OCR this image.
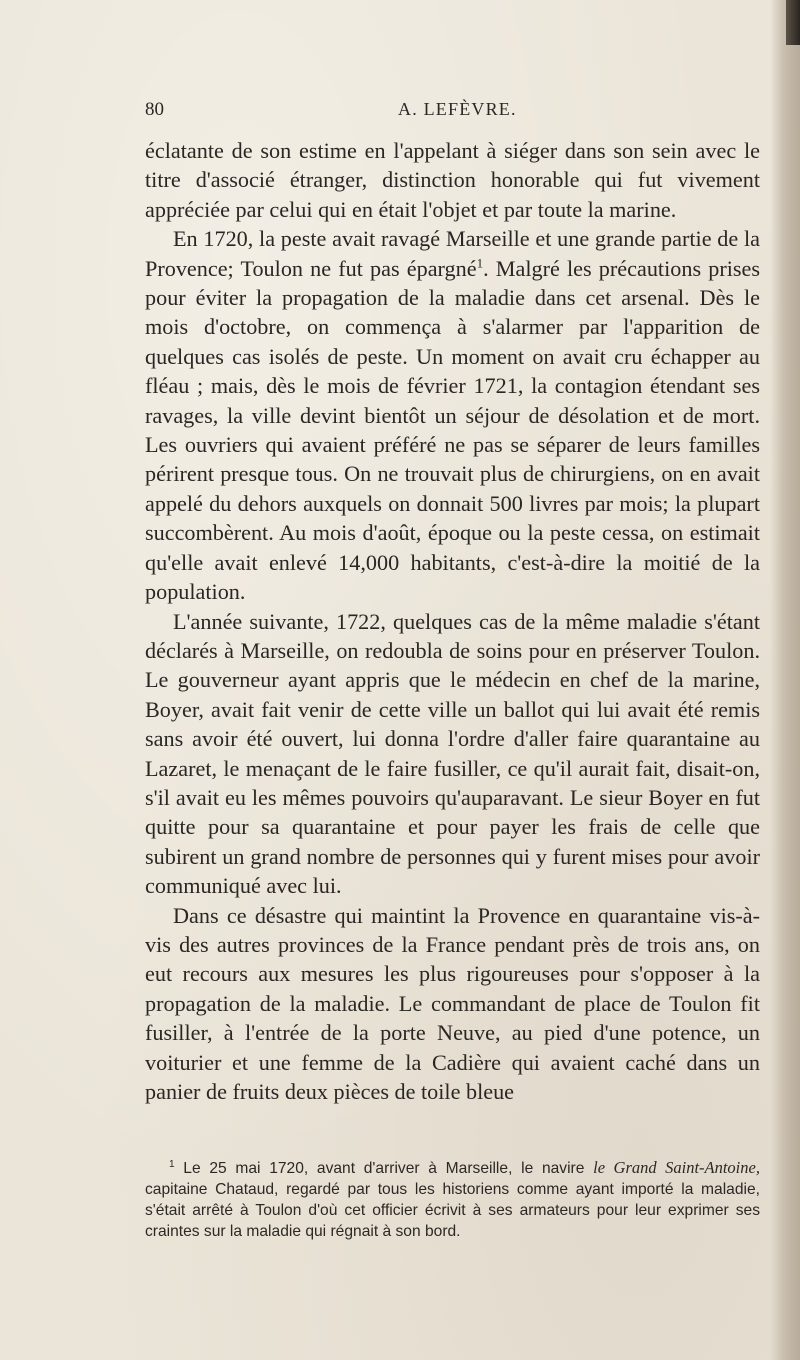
80	A. LEFÈVRE.

éclatante de son estime en l'appelant à siéger dans son sein avec le titre d'associé étranger, distinction honorable qui fut vivement appréciée par celui qui en était l'objet et par toute la marine.

En 1720, la peste avait ravagé Marseille et une grande partie de la Provence; Toulon ne fut pas épargné$^1$. Malgré les précautions prises pour éviter la propagation de la maladie dans cet arsenal. Dès le mois d'octobre, on commença à s'alarmer par l'apparition de quelques cas isolés de peste. Un moment on avait cru échapper au fléau ; mais, dès le mois de février 1721, la contagion étendant ses ravages, la ville devint bientôt un séjour de désolation et de mort. Les ouvriers qui avaient préféré ne pas se séparer de leurs familles périrent presque tous. On ne trouvait plus de chirurgiens, on en avait appelé du dehors auxquels on donnait 500 livres par mois; la plupart succombèrent. Au mois d'août, époque ou la peste cessa, on estimait qu'elle avait enlevé 14,000 habitants, c'est-à-dire la moitié de la population.

L'année suivante, 1722, quelques cas de la même maladie s'étant déclarés à Marseille, on redoubla de soins pour en préserver Toulon. Le gouverneur ayant appris que le médecin en chef de la marine, Boyer, avait fait venir de cette ville un ballot qui lui avait été remis sans avoir été ouvert, lui donna l'ordre d'aller faire quarantaine au Lazaret, le menaçant de le faire fusiller, ce qu'il aurait fait, disait-on, s'il avait eu les mêmes pouvoirs qu'auparavant. Le sieur Boyer en fut quitte pour sa quarantaine et pour payer les frais de celle que subirent un grand nombre de personnes qui y furent mises pour avoir communiqué avec lui.

Dans ce désastre qui maintint la Provence en quarantaine vis-à-vis des autres provinces de la France pendant près de trois ans, on eut recours aux mesures les plus rigoureuses pour s'opposer à la propagation de la maladie. Le commandant de place de Toulon fit fusiller, à l'entrée de la porte Neuve, au pied d'une potence, un voiturier et une femme de la Cadière qui avaient caché dans un panier de fruits deux pièces de toile bleue

$^1$ Le 25 mai 1720, avant d'arriver à Marseille, le navire le Grand Saint-Antoine, capitaine Chataud, regardé par tous les historiens comme ayant importé la maladie, s'était arrêté à Toulon d'où cet officier écrivit à ses armateurs pour leur exprimer ses craintes sur la maladie qui régnait à son bord.
